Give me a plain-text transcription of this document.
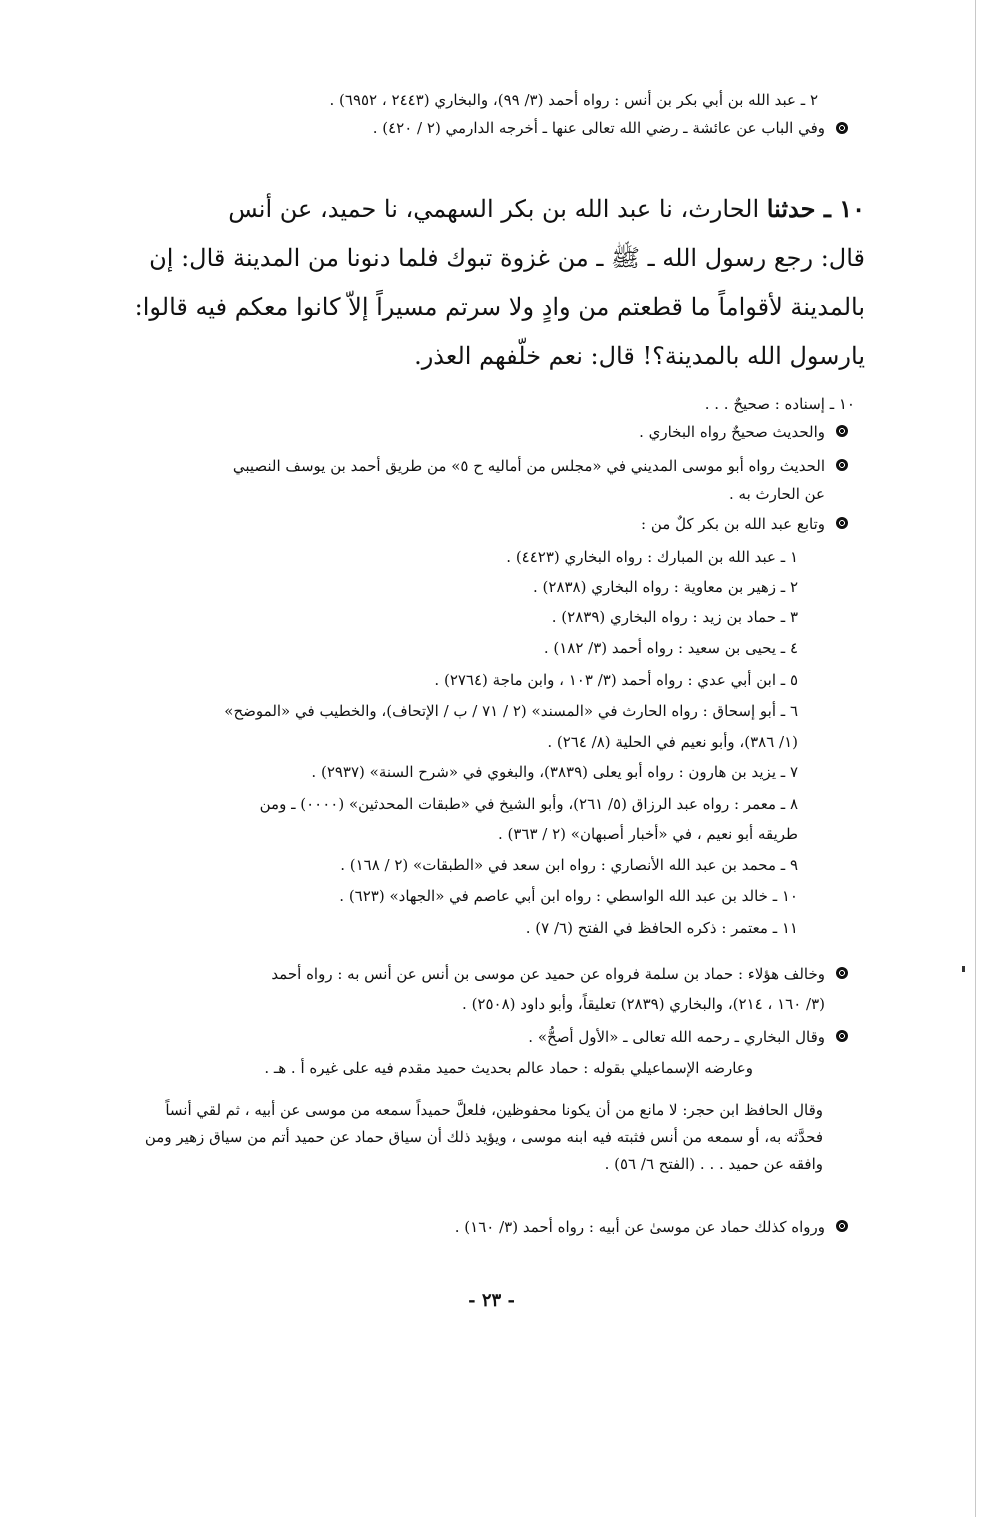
٢ ـ عبد الله بن أبي بكر بن أنس : رواه أحمد (٣/ ٩٩)، والبخاري (٢٤٤٣ ، ٦٩٥٢) .
وفي الباب عن عائشة ـ رضي الله تعالى عنها ـ أخرجه الدارمي (٢ / ٤٢٠) .
١٠ ـ حدثنا الحارث، نا عبد الله بن بكر السهمي، نا حميد، عن أنس
قال: رجع رسول الله ـ ﷺ ـ من غزوة تبوك فلما دنونا من المدينة قال: إن
بالمدينة لأقواماً ما قطعتم من وادٍ ولا سرتم مسيراً إلاّ كانوا معكم فيه قالوا:
يارسول الله بالمدينة؟! قال: نعم خلّفهم العذر.
١٠ ـ إسناده : صحيحٌ . . .
والحديث صحيحٌ رواه البخاري .
الحديث رواه أبو موسى المديني في «مجلس من أماليه ح ٥» من طريق أحمد بن يوسف النصيبي
عن الحارث به .
وتابع عبد الله بن بكر كلٌ من :
١ ـ عبد الله بن المبارك : رواه البخاري (٤٤٢٣) .
٢ ـ زهير بن معاوية : رواه البخاري (٢٨٣٨) .
٣ ـ حماد بن زيد : رواه البخاري (٢٨٣٩) .
٤ ـ يحيى بن سعيد : رواه أحمد (٣/ ١٨٢) .
٥ ـ ابن أبي عدي : رواه أحمد (٣/ ١٠٣ ، وابن ماجة (٢٧٦٤) .
٦ ـ أبو إسحاق : رواه الحارث في «المسند» (٢ / ٧١ / ب / الإتحاف)، والخطيب في «الموضح»
(١/ ٣٨٦)، وأبو نعيم في الحلية (٨/ ٢٦٤) .
٧ ـ يزيد بن هارون : رواه أبو يعلى (٣٨٣٩)، والبغوي في «شرح السنة» (٢٩٣٧) .
٨ ـ معمر : رواه عبد الرزاق (٥/ ٢٦١)، وأبو الشيخ في «طبقات المحدثين» (٠٠٠٠) ـ ومن
طريقه أبو نعيم ، في «أخبار أصبهان» (٢ / ٣٦٣) .
٩ ـ محمد بن عبد الله الأنصاري : رواه ابن سعد في «الطبقات» (٢ / ١٦٨) .
١٠ ـ خالد بن عبد الله الواسطي : رواه ابن أبي عاصم في «الجهاد» (٦٢٣) .
١١ ـ معتمر : ذكره الحافظ في الفتح (٦/ ٧) .
وخالف هؤلاء : حماد بن سلمة فرواه عن حميد عن موسى بن أنس عن أنس به : رواه أحمد
(٣/ ١٦٠ ، ٢١٤)، والبخاري (٢٨٣٩) تعليقاً، وأبو داود (٢٥٠٨) .
وقال البخاري ـ رحمه الله تعالى ـ «الأول أصحُّ» .
وعارضه الإسماعيلي بقوله : حماد عالم بحديث حميد مقدم فيه على غيره أ . هـ .
وقال الحافظ ابن حجر: لا مانع من أن يكونا محفوظين، فلعلَّ حميداً سمعه من موسى عن أبيه ، ثم لقي أنساً فحدَّثه به، أو سمعه من أنس فثبته فيه ابنه موسى ، ويؤيد ذلك أن سياق حماد عن حميد أتم من سياق زهير ومن وافقه عن حميد . . . (الفتح ٦/ ٥٦) .
ورواه كذلك حماد عن موسىٰ عن أبيه : رواه أحمد (٣/ ١٦٠) .
- ٢٣ -
